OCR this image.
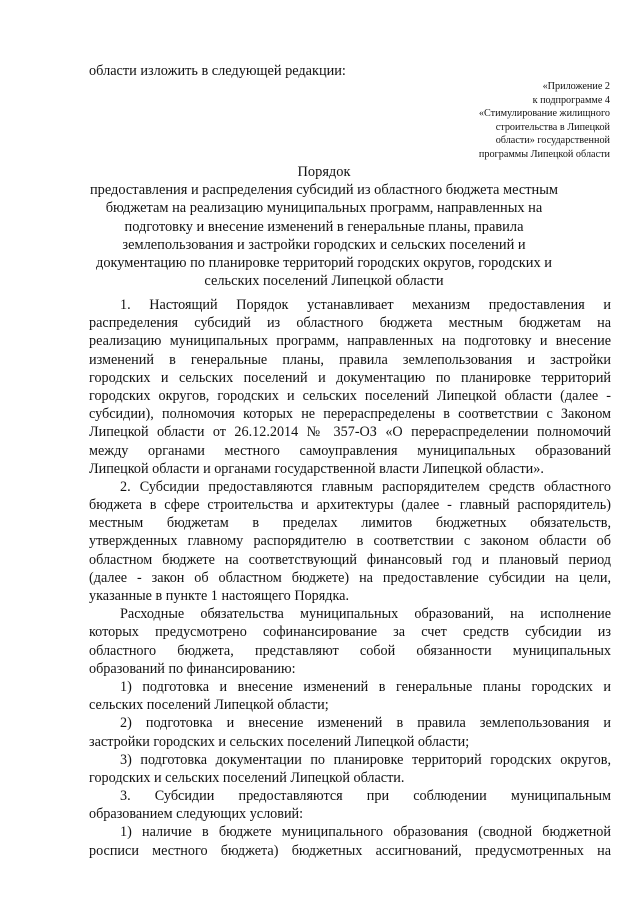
области изложить в следующей редакции:
«Приложение 2
к подпрограмме 4
«Стимулирование жилищного
строительства в Липецкой
области» государственной
программы Липецкой области
Порядок
предоставления и распределения субсидий из областного бюджета местным
бюджетам на реализацию муниципальных программ, направленных на
подготовку и внесение изменений в генеральные планы, правила
землепользования и застройки городских и сельских поселений и
документацию по планировке территорий городских округов, городских и
сельских поселений Липецкой области
1. Настоящий Порядок устанавливает механизм предоставления и
распределения субсидий из областного бюджета местным бюджетам на
реализацию муниципальных программ, направленных на подготовку и внесение
изменений в генеральные планы, правила землепользования и застройки
городских и сельских поселений и документацию по планировке территорий
городских округов, городских и сельских поселений Липецкой области (далее -
субсидии), полномочия которых не перераспределены в соответствии с Законом
Липецкой области от 26.12.2014 № 357-ОЗ «О перераспределении полномочий
между органами местного самоуправления муниципальных образований
Липецкой области и органами государственной власти Липецкой области».
2. Субсидии предоставляются главным распорядителем средств областного
бюджета в сфере строительства и архитектуры (далее - главный распорядитель)
местным бюджетам в пределах лимитов бюджетных обязательств,
утвержденных главному распорядителю в соответствии с законом области об
областном бюджете на соответствующий финансовый год и плановый период
(далее - закон об областном бюджете) на предоставление субсидии на цели,
указанные в пункте 1 настоящего Порядка.
Расходные обязательства муниципальных образований, на исполнение
которых предусмотрено софинансирование за счет средств субсидии из
областного бюджета, представляют собой обязанности муниципальных
образований по финансированию:
1) подготовка и внесение изменений в генеральные планы городских и
сельских поселений Липецкой области;
2) подготовка и внесение изменений в правила землепользования и
застройки городских и сельских поселений Липецкой области;
3) подготовка документации по планировке территорий городских округов,
городских и сельских поселений Липецкой области.
3. Субсидии предоставляются при соблюдении муниципальным
образованием следующих условий:
1) наличие в бюджете муниципального образования (сводной бюджетной
росписи местного бюджета) бюджетных ассигнований, предусмотренных на
